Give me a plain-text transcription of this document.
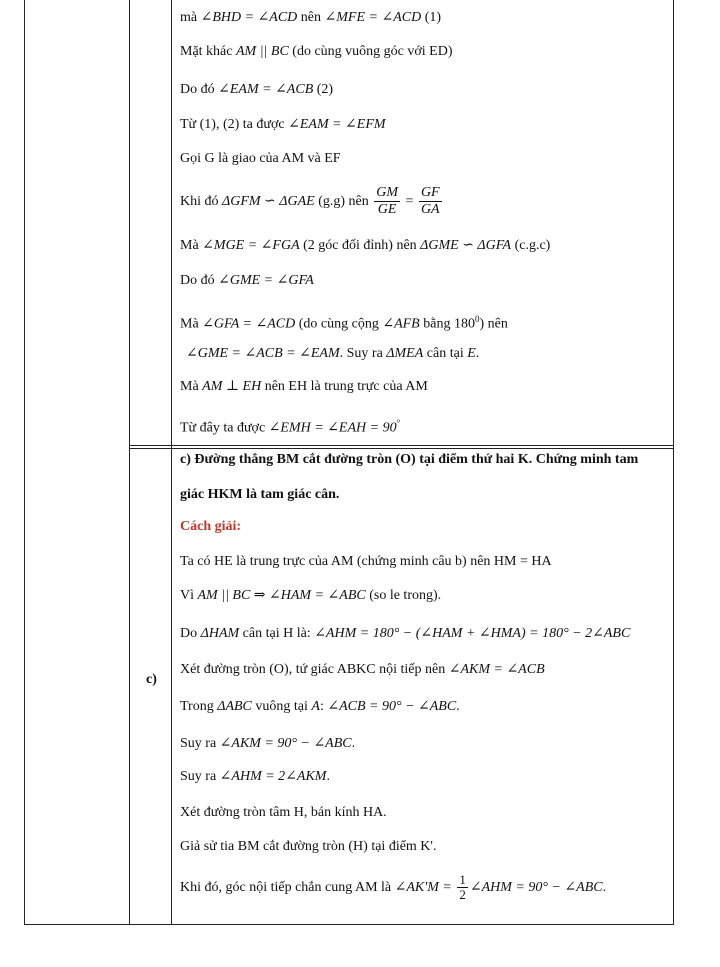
mà ∠BHD = ∠ACD nên ∠MFE = ∠ACD (1)
Mặt khác AM || BC (do cùng vuông góc với ED)
Do đó ∠EAM = ∠ACB (2)
Từ (1), (2) ta được ∠EAM = ∠EFM
Gọi G là giao của AM và EF
Khi đó ΔGFM ∽ ΔGAE (g.g) nên $\frac{GM}{GE} = \frac{GF}{GA}$
Mà ∠MGE = ∠FGA (2 góc đối đỉnh) nên ΔGME ∽ ΔGFA (c.g.c)
Do đó ∠GME = ∠GFA
Mà ∠GFA = ∠ACD (do cùng cộng ∠AFB bằng $180^0$) nên
∠GME = ∠ACB = ∠EAM. Suy ra ΔMEA cân tại E.
Mà AM ⊥ EH nên EH là trung trực của AM
Từ đây ta được ∠EMH = ∠EAH = 90°
c)
c) Đường thẳng BM cắt đường tròn (O) tại điểm thứ hai K. Chứng minh tam
giác HKM là tam giác cân.
Cách giải:
Ta có HE là trung trực của AM (chứng minh câu b) nên HM = HA
Vì AM || BC ⇒ ∠HAM = ∠ABC (so le trong).
Do ΔHAM cân tại H là: ∠AHM = 180° − (∠HAM + ∠HMA) = 180° − 2∠ABC
Xét đường tròn (O), tứ giác ABKC nội tiếp nên ∠AKM = ∠ACB
Trong ΔABC vuông tại A: ∠ACB = 90° − ∠ABC.
Suy ra ∠AKM = 90° − ∠ABC.
Suy ra ∠AHM = 2∠AKM.
Xét đường tròn tâm H, bán kính HA.
Giả sử tia BM cắt đường tròn (H) tại điểm K'.
Khi đó, góc nội tiếp chắn cung AM là ∠AK'M = $\frac{1}{2}$ ∠AHM = 90° − ∠ABC.
